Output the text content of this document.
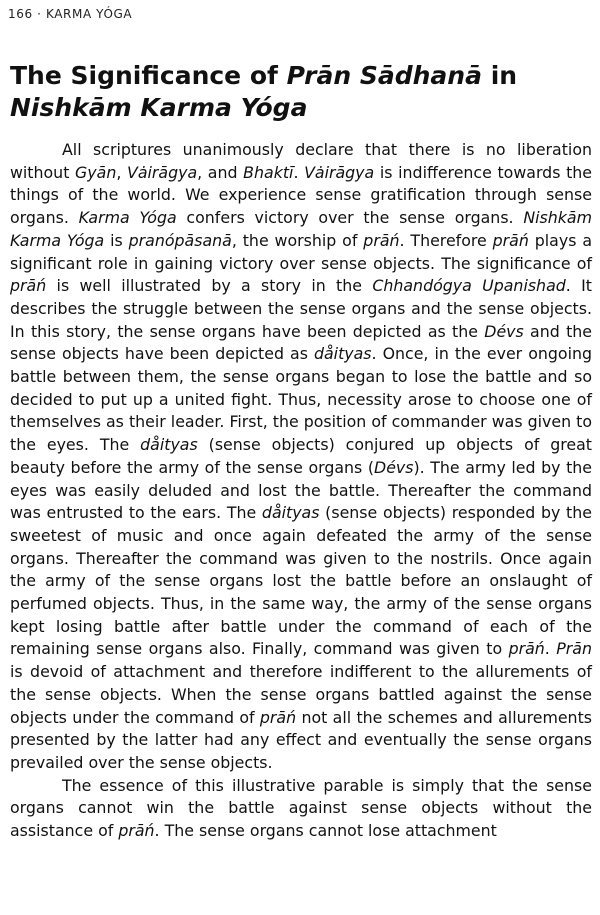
166 · KARMA YÓGA
The Significance of Prān Sādhanā in
Nishkām Karma Yóga

All scriptures unanimously declare that there is no liberation without Gyān, Vȧirāgya, and Bhaktī. Vȧirāgya is indifference towards the things of the world. We experience sense gratification through sense organs. Karma Yóga confers victory over the sense organs. Nishkām Karma Yóga is pranópāsanā, the worship of prāń. Therefore prāń plays a significant role in gaining victory over sense objects. The significance of prāń is well illustrated by a story in the Chhandógya Upanishad. It describes the struggle between the sense organs and the sense objects. In this story, the sense organs have been depicted as the Dévs and the sense objects have been depicted as dåityas. Once, in the ever ongoing battle between them, the sense organs began to lose the battle and so decided to put up a united fight. Thus, necessity arose to choose one of themselves as their leader. First, the position of commander was given to the eyes. The dåityas (sense objects) conjured up objects of great beauty before the army of the sense organs (Dévs). The army led by the eyes was easily deluded and lost the battle. Thereafter the command was entrusted to the ears. The dåityas (sense objects) responded by the sweetest of music and once again defeated the army of the sense organs. Thereafter the command was given to the nostrils. Once again the army of the sense organs lost the battle before an onslaught of perfumed objects. Thus, in the same way, the army of the sense organs kept losing battle after battle under the command of each of the remaining sense organs also. Finally, command was given to prāń. Prān is devoid of attachment and therefore indifferent to the allurements of the sense objects. When the sense organs battled against the sense objects under the command of prāń not all the schemes and allurements presented by the latter had any effect and eventually the sense organs prevailed over the sense objects.

The essence of this illustrative parable is simply that the sense organs cannot win the battle against sense objects without the assistance of prāń. The sense organs cannot lose attachment
